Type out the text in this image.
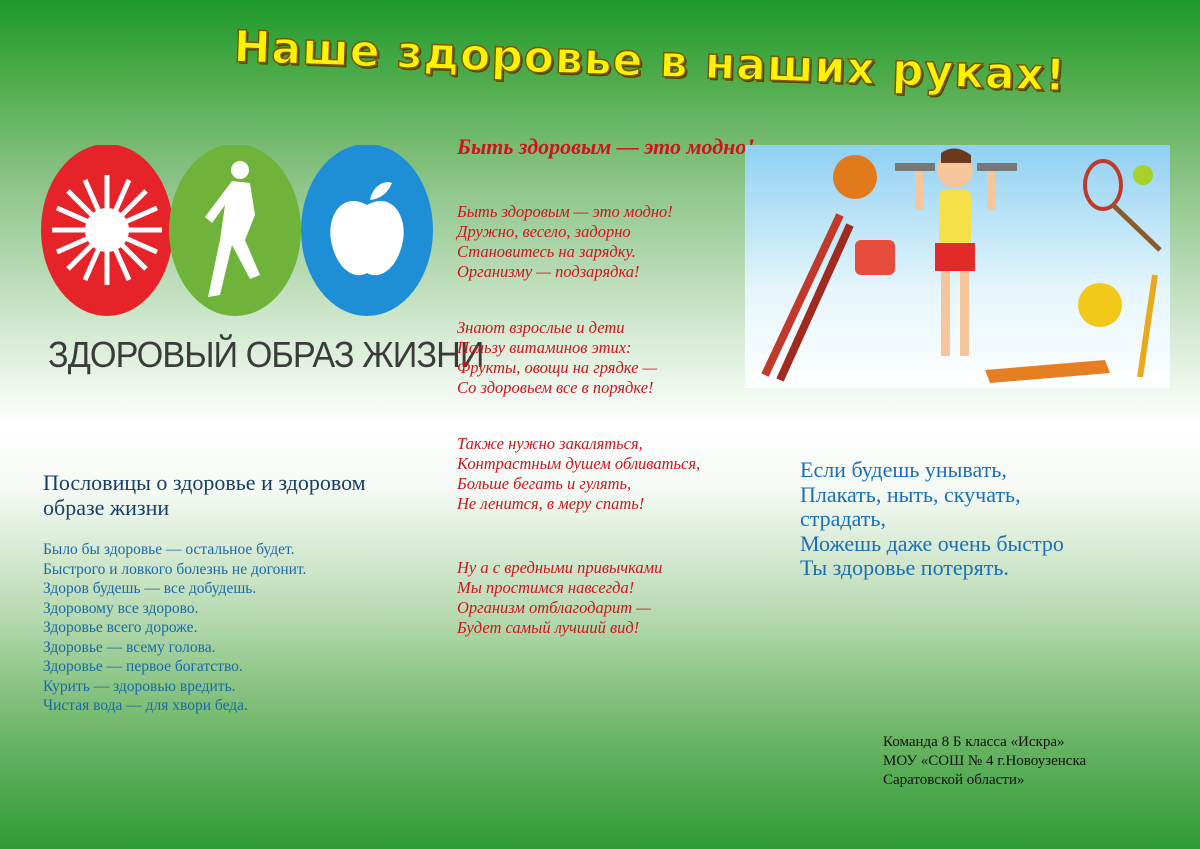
Наше здоровье в наших руках!
ЗДОРОВЫЙ ОБРАЗ ЖИЗНИ
Быть здоровым — это модно!
Быть здоровым — это модно!
Дружно, весело, задорно
Становитесь на зарядку.
Организму — подзарядка!
Знают взрослые и дети
Пользу витаминов этих:
Фрукты, овощи на грядке —
Со здоровьем все в порядке!
Также нужно закаляться,
Контрастным душем обливаться,
Больше бегать и гулять,
Не ленится, в меру спать!
Ну а с вредными привычками
Мы простимся навсегда!
Организм отблагодарит —
Будет самый лучший вид!
Пословицы о здоровье и здоровом образе жизни
Было бы здоровье — остальное будет.
Быстрого и ловкого болезнь не догонит.
Здоров будешь — все добудешь.
Здоровому все здорово.
Здоровье всего дороже.
Здоровье — всему голова.
Здоровье — первое богатство.
Курить — здоровью вредить.
Чистая вода — для хвори беда.
Если будешь унывать,
Плакать, ныть, скучать,
страдать,
Можешь даже очень быстро
Ты здоровье потерять.
Команда 8 Б класса «Искра»
МОУ «СОШ № 4 г.Новоузенска
Саратовской области»
